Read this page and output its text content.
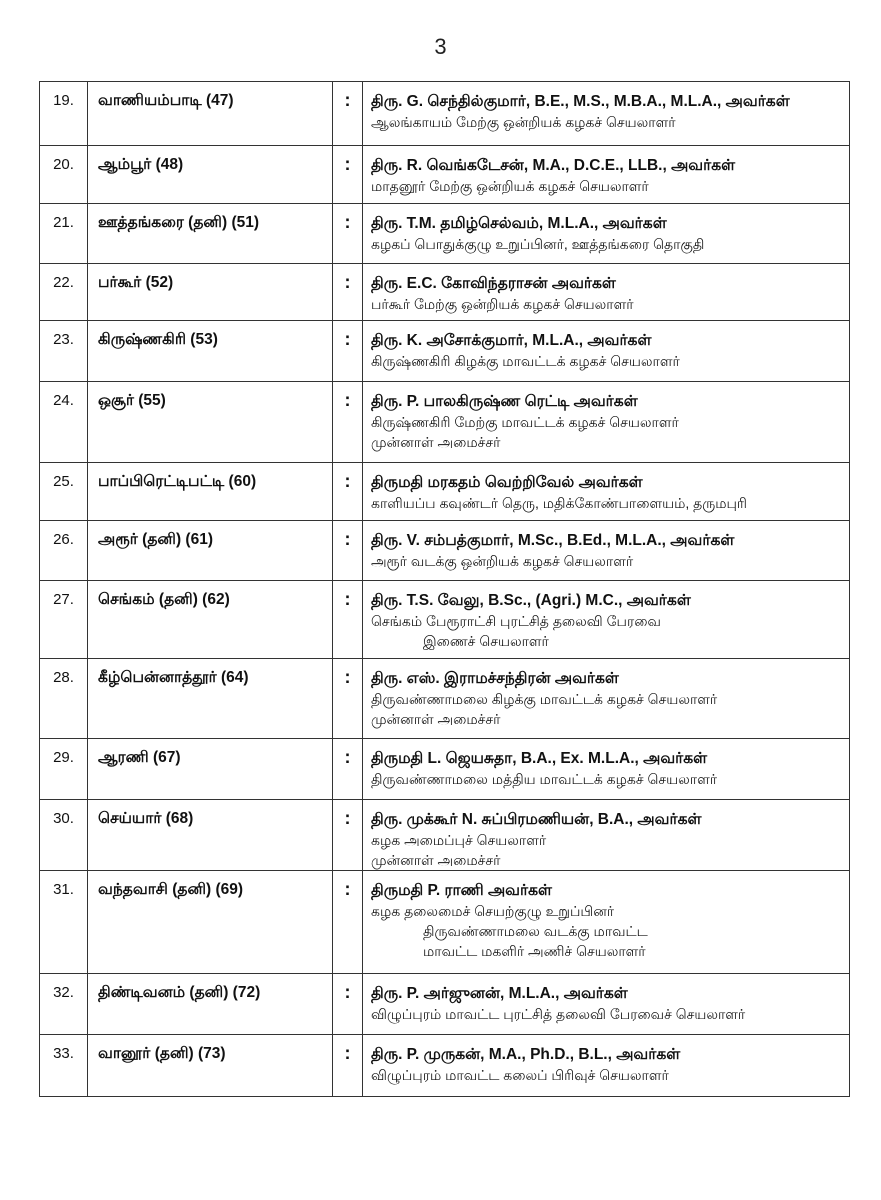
3
19.	வாணியம்பாடி (47)	:	திரு. G. செந்தில்குமார், B.E., M.S., M.B.A., M.L.A., அவர்கள்
ஆலங்காயம் மேற்கு ஒன்றியக் கழகச் செயலாளர்

20.	ஆம்பூர் (48)	:	திரு. R. வெங்கடேசன், M.A., D.C.E., LLB., அவர்கள்
மாதனூர் மேற்கு ஒன்றியக் கழகச் செயலாளர்

21.	ஊத்தங்கரை (தனி) (51)	:	திரு. T.M. தமிழ்செல்வம், M.L.A., அவர்கள்
கழகப் பொதுக்குழு உறுப்பினர், ஊத்தங்கரை தொகுதி

22.	பர்கூர் (52)	:	திரு. E.C. கோவிந்தராசன் அவர்கள்
பர்கூர் மேற்கு ஒன்றியக் கழகச் செயலாளர்

23.	கிருஷ்ணகிரி (53)	:	திரு. K. அசோக்குமார், M.L.A., அவர்கள்
கிருஷ்ணகிரி கிழக்கு மாவட்டக் கழகச் செயலாளர்

24.	ஒசூர் (55)	:	திரு. P. பாலகிருஷ்ண ரெட்டி அவர்கள்
கிருஷ்ணகிரி மேற்கு மாவட்டக் கழகச் செயலாளர்
முன்னாள் அமைச்சர்

25.	பாப்பிரெட்டிபட்டி (60)	:	திருமதி மரகதம் வெற்றிவேல் அவர்கள்
காளியப்ப கவுண்டர் தெரு, மதிக்கோண்பாளையம், தருமபுரி

26.	அரூர் (தனி) (61)	:	திரு. V. சம்பத்குமார், M.Sc., B.Ed., M.L.A., அவர்கள்
அரூர் வடக்கு ஒன்றியக் கழகச் செயலாளர்

27.	செங்கம் (தனி) (62)	:	திரு. T.S. வேலு, B.Sc., (Agri.) M.C., அவர்கள்
செங்கம் பேரூராட்சி புரட்சித் தலைவி பேரவை
இணைச் செயலாளர்

28.	கீழ்பென்னாத்தூர் (64)	:	திரு. எஸ். இராமச்சந்திரன் அவர்கள்
திருவண்ணாமலை கிழக்கு மாவட்டக் கழகச் செயலாளர்
முன்னாள் அமைச்சர்

29.	ஆரணி (67)	:	திருமதி L. ஜெயசுதா, B.A., Ex. M.L.A., அவர்கள்
திருவண்ணாமலை மத்திய மாவட்டக் கழகச் செயலாளர்

30.	செய்யார் (68)	:	திரு. முக்கூர் N. சுப்பிரமணியன், B.A., அவர்கள்
கழக அமைப்புச் செயலாளர்
முன்னாள் அமைச்சர்

31.	வந்தவாசி (தனி) (69)	:	திருமதி P. ராணி அவர்கள்
கழக தலைமைச் செயற்குழு உறுப்பினர்
திருவண்ணாமலை வடக்கு மாவட்ட
மாவட்ட மகளிர் அணிச் செயலாளர்

32.	திண்டிவனம் (தனி) (72)	:	திரு. P. அர்ஜுனன், M.L.A., அவர்கள்
விழுப்புரம் மாவட்ட புரட்சித் தலைவி பேரவைச் செயலாளர்

33.	வானூர் (தனி) (73)	:	திரு. P. முருகன், M.A., Ph.D., B.L., அவர்கள்
விழுப்புரம் மாவட்ட கலைப் பிரிவுச் செயலாளர்
